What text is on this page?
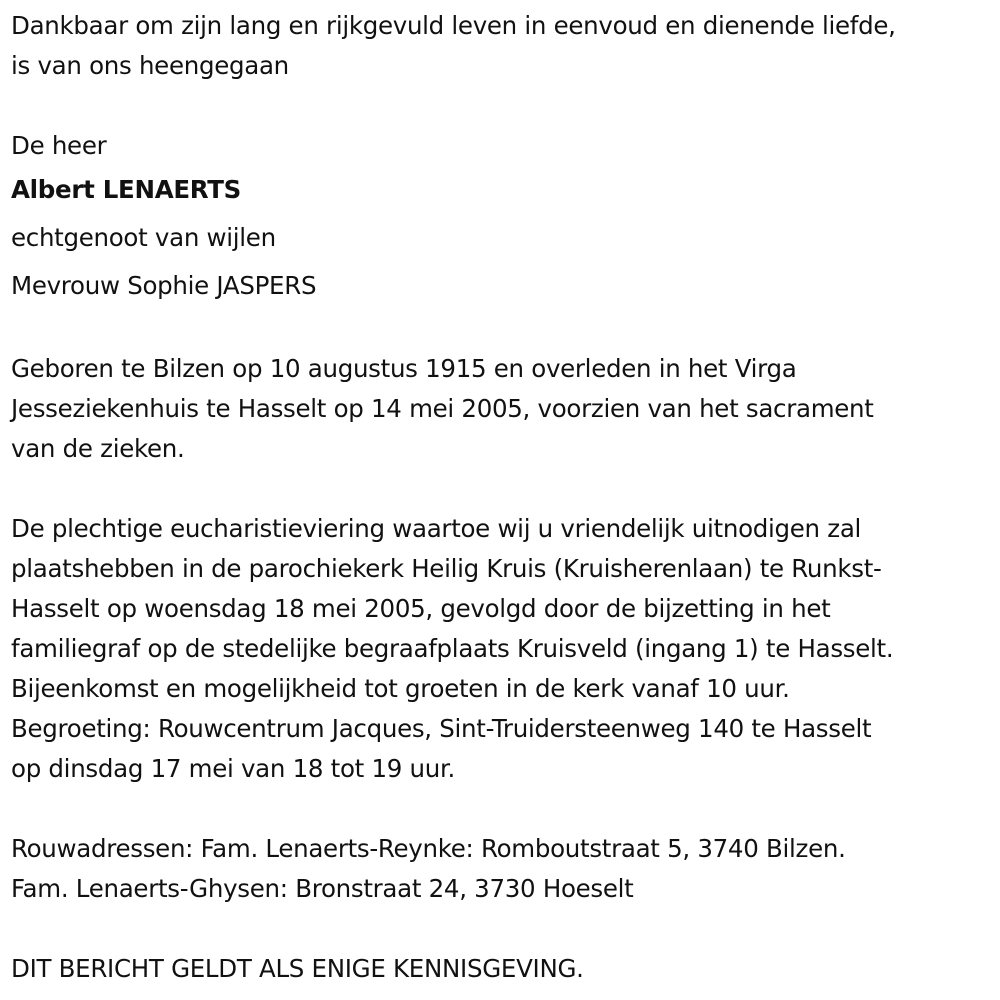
Dankbaar om zijn lang en rijkgevuld leven in eenvoud en dienende liefde,
is van ons heengegaan
De heer
Albert LENAERTS
echtgenoot van wijlen
Mevrouw Sophie JASPERS
Geboren te Bilzen op 10 augustus 1915 en overleden in het Virga
Jesseziekenhuis te Hasselt op 14 mei 2005, voorzien van het sacrament
van de zieken.
De plechtige eucharistieviering waartoe wij u vriendelijk uitnodigen zal
plaatshebben in de parochiekerk Heilig Kruis (Kruisherenlaan) te Runkst-
Hasselt op woensdag 18 mei 2005, gevolgd door de bijzetting in het
familiegraf op de stedelijke begraafplaats Kruisveld (ingang 1) te Hasselt.
Bijeenkomst en mogelijkheid tot groeten in de kerk vanaf 10 uur.
Begroeting: Rouwcentrum Jacques, Sint-Truidersteenweg 140 te Hasselt
op dinsdag 17 mei van 18 tot 19 uur.
Rouwadressen: Fam. Lenaerts-Reynke: Romboutstraat 5, 3740 Bilzen.
Fam. Lenaerts-Ghysen: Bronstraat 24, 3730 Hoeselt
DIT BERICHT GELDT ALS ENIGE KENNISGEVING.
